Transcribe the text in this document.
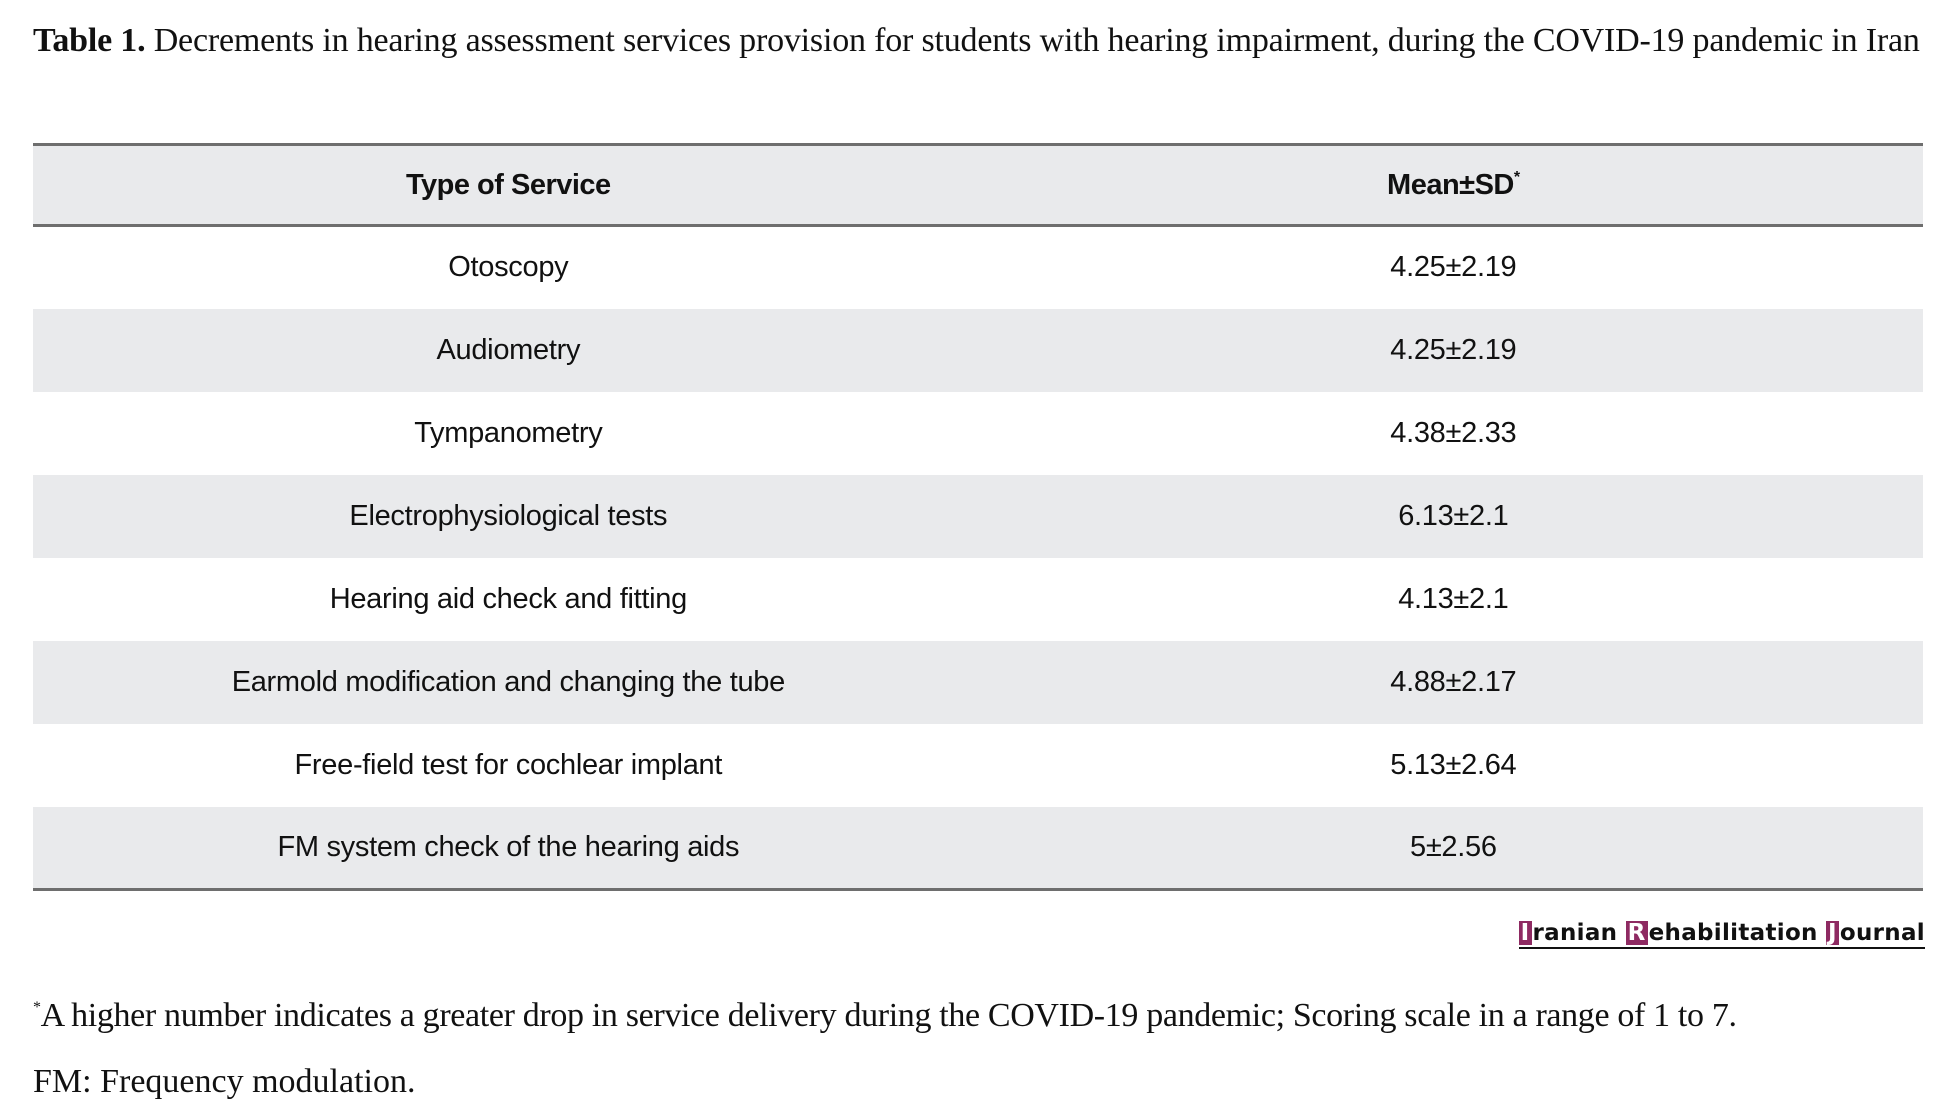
Table 1. Decrements in hearing assessment services provision for students with hearing impairment, during the COVID-19 pandemic in Iran
Type of Service	Mean±SD*
Otoscopy	4.25±2.19
Audiometry	4.25±2.19
Tympanometry	4.38±2.33
Electrophysiological tests	6.13±2.1
Hearing aid check and fitting	4.13±2.1
Earmold modification and changing the tube	4.88±2.17
Free-field test for cochlear implant	5.13±2.64
FM system check of the hearing aids	5±2.56
I ranian R ehabilitation J ournal
*A higher number indicates a greater drop in service delivery during the COVID-19 pandemic; Scoring scale in a range of 1 to 7.
FM: Frequency modulation.
